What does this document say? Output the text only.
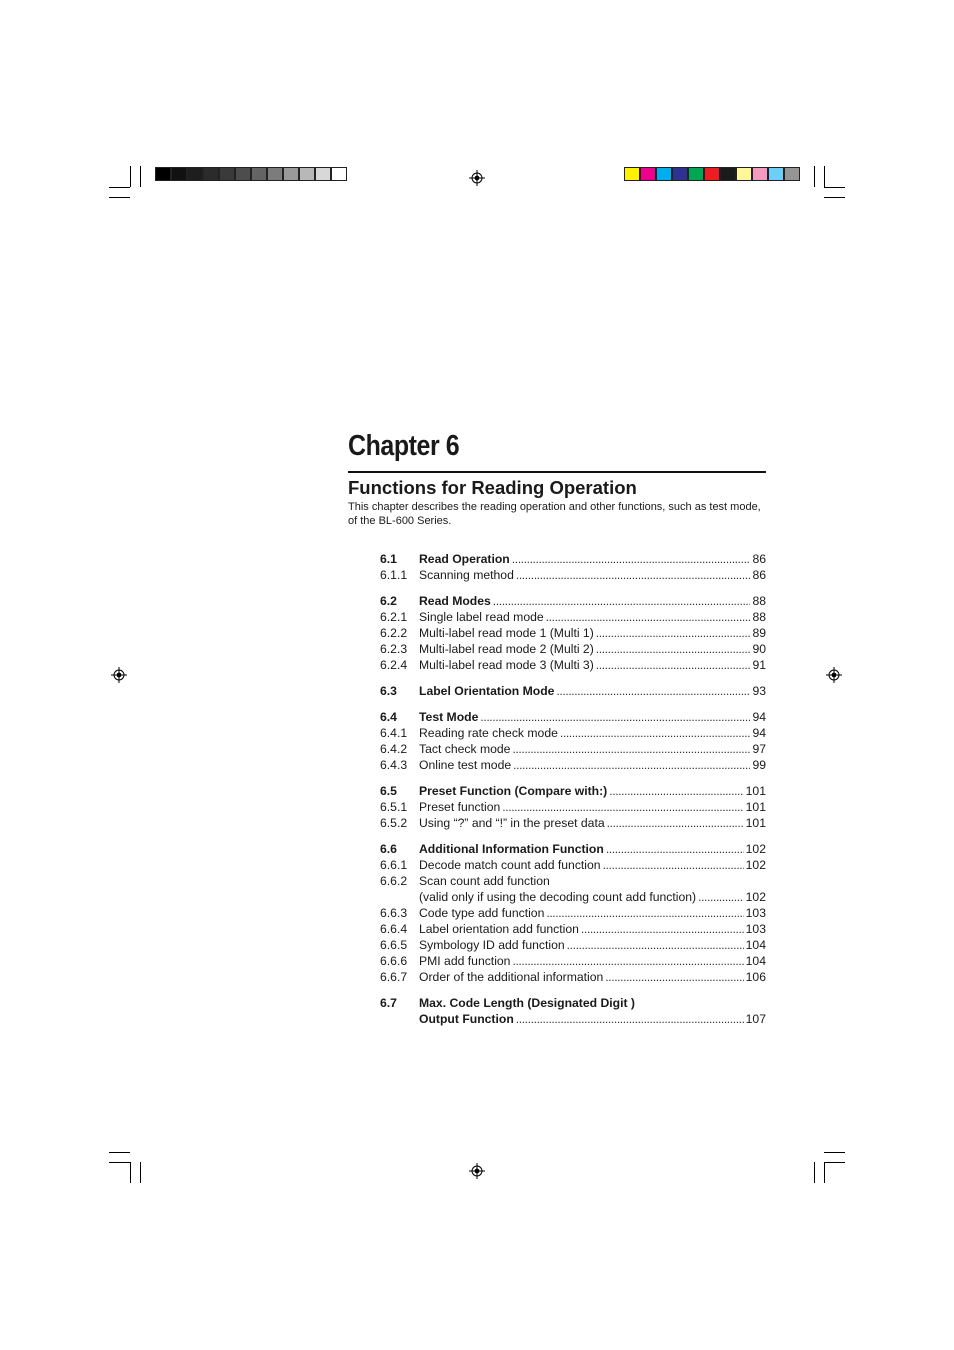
Chapter 6
Functions for Reading Operation

This chapter describes the reading operation and other functions, such as test mode, of the BL-600 Series.

6.1	Read Operation . . .	86
6.1.1 Scanning method . . .	86
6.2	Read Modes . . .	88
6.2.1 Single label read mode . . .	88
6.2.2 Multi-label read mode 1 (Multi 1) . . .	89
6.2.3 Multi-label read mode 2 (Multi 2) . . .	90
6.2.4 Multi-label read mode 3 (Multi 3) . . .	91
6.3	Label Orientation Mode . . .	93
6.4	Test Mode . . .	94
6.4.1 Reading rate check mode . . .	94
6.4.2 Tact check mode . . .	97
6.4.3 Online test mode . . .	99
6.5	Preset Function (Compare with:) . . .	101
6.5.1 Preset function . . .	101
6.5.2 Using “?” and “!” in the preset data . . .	101
6.6	Additional Information Function . . .	102
6.6.1 Decode match count add function . . .	102
6.6.2 Scan count add function
(valid only if using the decoding count add function) . . .	102
6.6.3 Code type add function . . .	103
6.6.4 Label orientation add function . . .	103
6.6.5 Symbology ID add function . . .	104
6.6.6 PMI add function . . .	104
6.6.7 Order of the additional information . . .	106
6.7	Max. Code Length (Designated Digit )
Output Function . . .	107
